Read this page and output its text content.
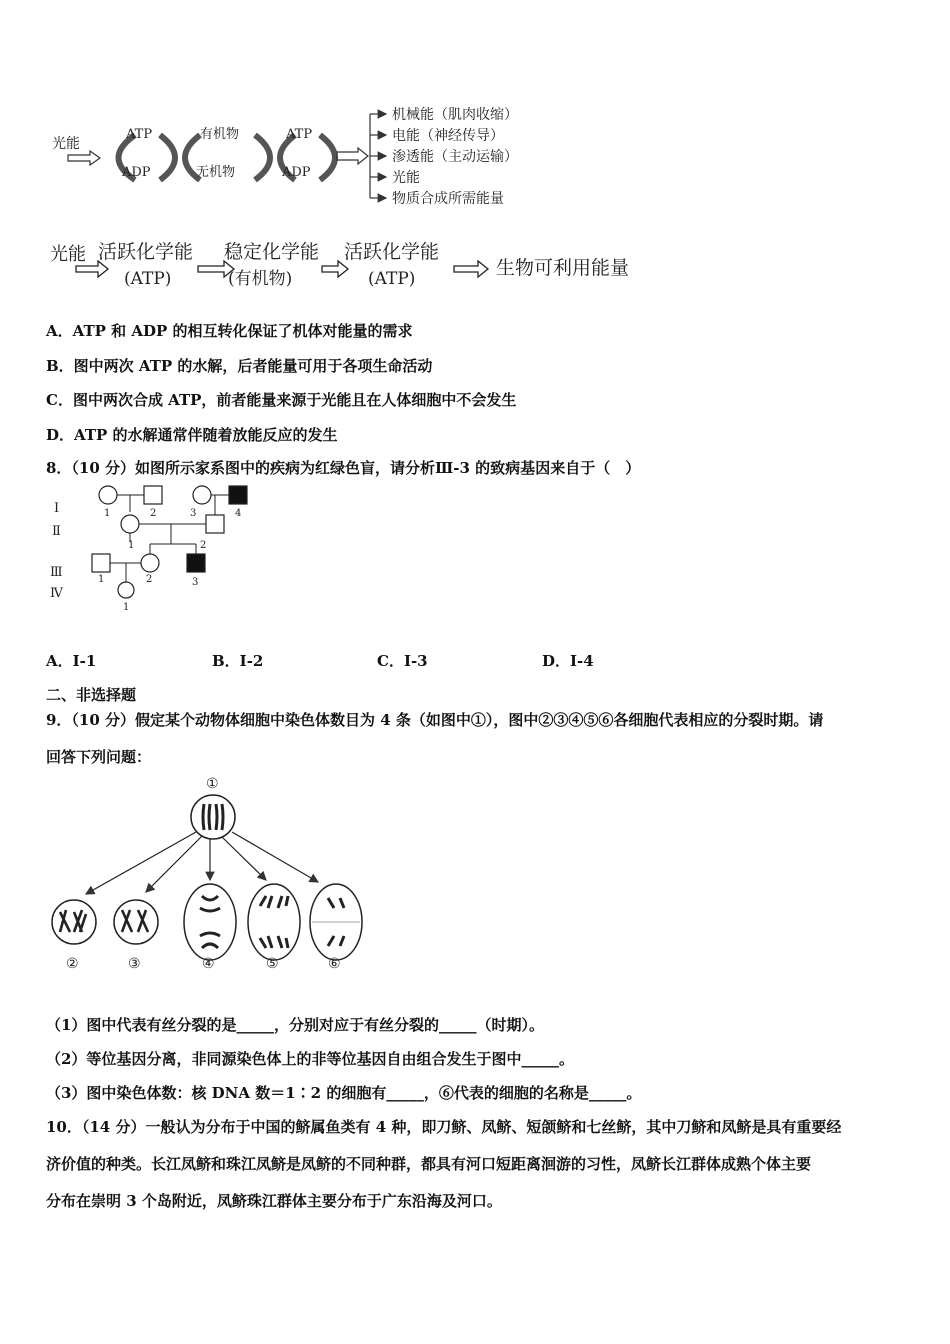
光能
ATP
ADP
有机物
无机物
ATP
ADP
机械能（肌肉收缩）
电能（神经传导）
渗透能（主动运输）
光能
物质合成所需能量
光能 活跃化学能
(ATP)
稳定化学能
(有机物)
活跃化学能
(ATP)	生物可利用能量
A．ATP 和 ADP 的相互转化保证了机体对能量的需求
B．图中两次 ATP 的水解，后者能量可用于各项生命活动
C．图中两次合成 ATP，前者能量来源于光能且在人体细胞中不会发生
D．ATP 的水解通常伴随着放能反应的发生
8．（10 分）如图所示家系图中的疾病为红绿色盲，请分析Ⅲ-3 的致病基因来自于（　）
Ⅰ
Ⅱ
Ⅲ
Ⅳ
1	2	3	4
1	2
1	2	3
1
A．Ⅰ-1	B．Ⅰ-2	C．Ⅰ-3	D．Ⅰ-4
二、非选择题
9．（10 分）假定某个动物体细胞中染色体数目为 4 条（如图中①），图中②③④⑤⑥各细胞代表相应的分裂时期。请
回答下列问题：
①
②	③	④	⑤	⑥
（1）图中代表有丝分裂的是_____，分别对应于有丝分裂的_____（时期）。
（2）等位基因分离，非同源染色体上的非等位基因自由组合发生于图中_____。
（3）图中染色体数：核 DNA 数＝1∶2 的细胞有_____，⑥代表的细胞的名称是_____。
10．（14 分）一般认为分布于中国的鲚属鱼类有 4 种，即刀鲚、凤鲚、短颌鲚和七丝鲚，其中刀鲚和凤鲚是具有重要经
济价值的种类。长江凤鲚和珠江凤鲚是凤鲚的不同种群，都具有河口短距离洄游的习性，凤鲚长江群体成熟个体主要
分布在崇明 3 个岛附近，凤鲚珠江群体主要分布于广东沿海及河口。
